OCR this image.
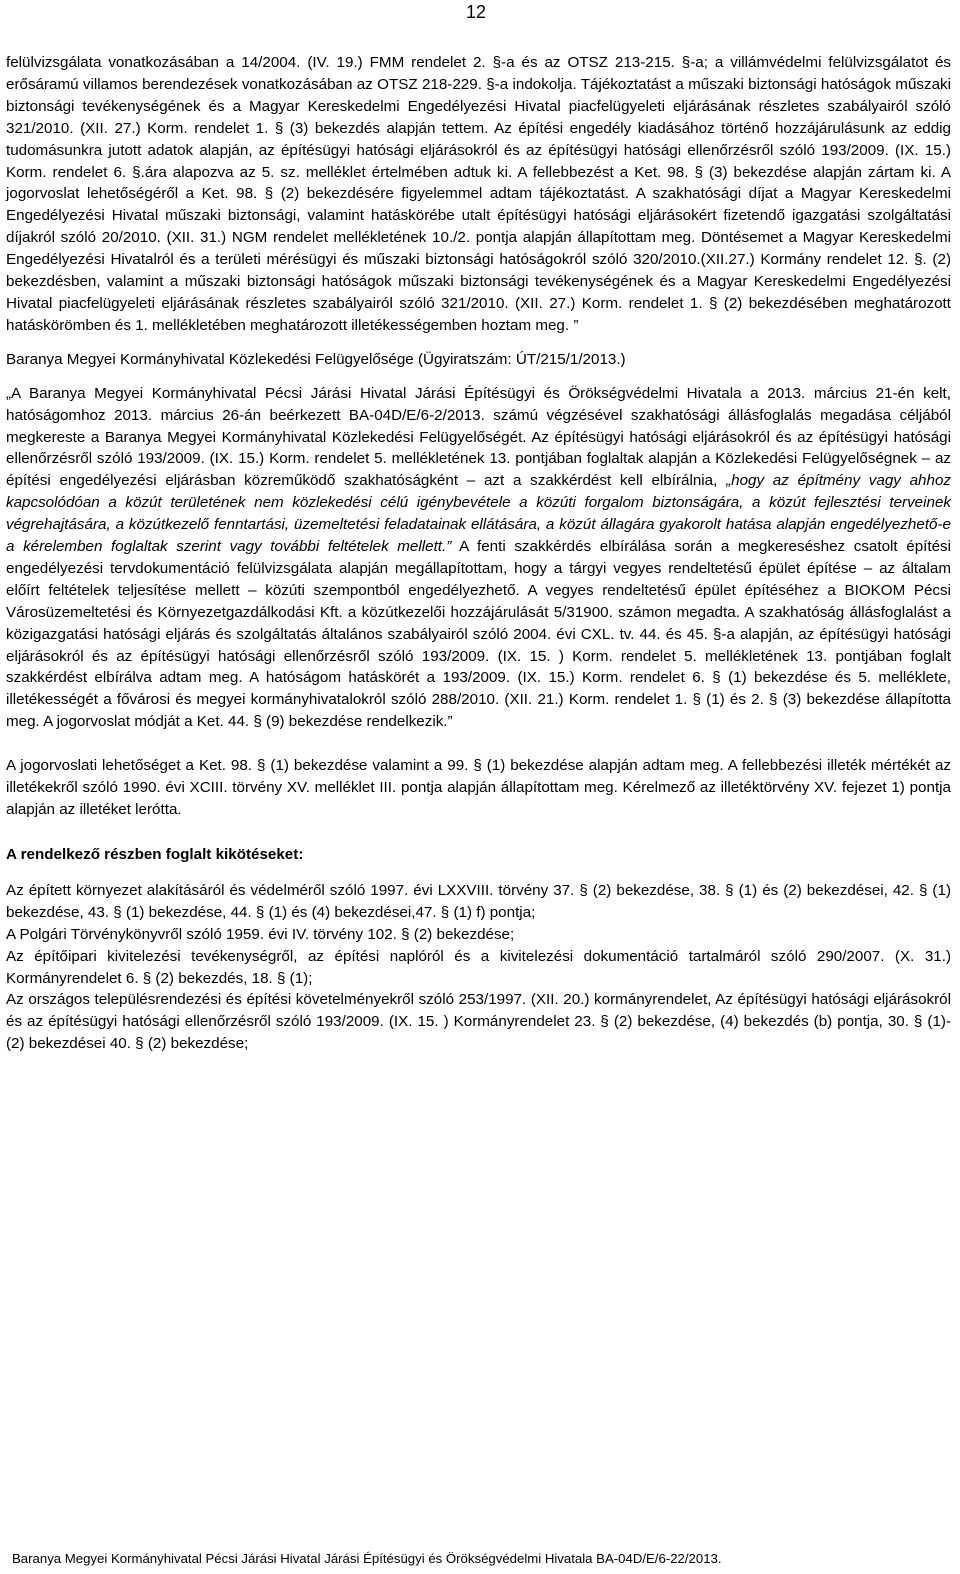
12

felülvizsgálata vonatkozásában a 14/2004. (IV. 19.) FMM rendelet 2. §-a és az OTSZ 213-215. §-a; a villámvédelmi felülvizsgálatot és erősáramú villamos berendezések vonatkozásában az OTSZ 218-229. §-a indokolja. Tájékoztatást a műszaki biztonsági hatóságok műszaki biztonsági tevékenységének és a Magyar Kereskedelmi Engedélyezési Hivatal piacfelügyeleti eljárásának részletes szabályairól szóló 321/2010. (XII. 27.) Korm. rendelet 1. § (3) bekezdés alapján tettem. Az építési engedély kiadásához történő hozzájárulásunk az eddig tudomásunkra jutott adatok alapján, az építésügyi hatósági eljárásokról és az építésügyi hatósági ellenőrzésről szóló 193/2009. (IX. 15.) Korm. rendelet 6. §.ára alapozva az 5. sz. melléklet értelmében adtuk ki. A fellebbezést a Ket. 98. § (3) bekezdése alapján zártam ki. A jogorvoslat lehetőségéről a Ket. 98. § (2) bekezdésére figyelemmel adtam tájékoztatást. A szakhatósági díjat a Magyar Kereskedelmi Engedélyezési Hivatal műszaki biztonsági, valamint hatáskörébe utalt építésügyi hatósági eljárásokért fizetendő igazgatási szolgáltatási díjakról szóló 20/2010. (XII. 31.) NGM rendelet mellékletének 10./2. pontja alapján állapítottam meg. Döntésemet a Magyar Kereskedelmi Engedélyezési Hivatalról és a területi mérésügyi és műszaki biztonsági hatóságokról szóló 320/2010.(XII.27.) Kormány rendelet 12. §. (2) bekezdésben, valamint a műszaki biztonsági hatóságok műszaki biztonsági tevékenységének és a Magyar Kereskedelmi Engedélyezési Hivatal piacfelügyeleti eljárásának részletes szabályairól szóló 321/2010. (XII. 27.) Korm. rendelet 1. § (2) bekezdésében meghatározott hatáskörömben és 1. mellékletében meghatározott illetékességemben hoztam meg. ”

Baranya Megyei Kormányhivatal Közlekedési Felügyelősége (Ügyiratszám: ÚT/215/1/2013.)

„A Baranya Megyei Kormányhivatal Pécsi Járási Hivatal Járási Építésügyi és Örökségvédelmi Hivatala a 2013. március 21-én kelt, hatóságomhoz 2013. március 26-án beérkezett BA-04D/E/6-2/2013. számú végzésével szakhatósági állásfoglalás megadása céljából megkereste a Baranya Megyei Kormányhivatal Közlekedési Felügyelőségét. Az építésügyi hatósági eljárásokról és az építésügyi hatósági ellenőrzésről szóló 193/2009. (IX. 15.) Korm. rendelet 5. mellékletének 13. pontjában foglaltak alapján a Közlekedési Felügyelőségnek – az építési engedélyezési eljárásban közreműködő szakhatóságként – azt a szakkérdést kell elbírálnia, „hogy az építmény vagy ahhoz kapcsolódóan a közút területének nem közlekedési célú igénybevétele a közúti forgalom biztonságára, a közút fejlesztési terveinek végrehajtására, a közútkezelő fenntartási, üzemeltetési feladatainak ellátására, a közút állagára gyakorolt hatása alapján engedélyezhető-e a kérelemben foglaltak szerint vagy további feltételek mellett.” A fenti szakkérdés elbírálása során a megkereséshez csatolt építési engedélyezési tervdokumentáció felülvizsgálata alapján megállapítottam, hogy a tárgyi vegyes rendeltetésű épület építése – az általam előírt feltételek teljesítése mellett – közúti szempontból engedélyezhető. A vegyes rendeltetésű épület építéséhez a BIOKOM Pécsi Városüzemeltetési és Környezetgazdálkodási Kft. a közútkezelői hozzájárulását 5/31900. számon megadta. A szakhatóság állásfoglalást a közigazgatási hatósági eljárás és szolgáltatás általános szabályairól szóló 2004. évi CXL. tv. 44. és 45. §-a alapján, az építésügyi hatósági eljárásokról és az építésügyi hatósági ellenőrzésről szóló 193/2009. (IX. 15. ) Korm. rendelet 5. mellékletének 13. pontjában foglalt szakkérdést elbírálva adtam meg. A hatóságom hatáskörét a 193/2009. (IX. 15.) Korm. rendelet 6. § (1) bekezdése és 5. melléklete, illetékességét a fővárosi és megyei kormányhivatalokról szóló 288/2010. (XII. 21.) Korm. rendelet 1. § (1) és 2. § (3) bekezdése állapította meg. A jogorvoslat módját a Ket. 44. § (9) bekezdése rendelkezik.”

A jogorvoslati lehetőséget a Ket. 98. § (1) bekezdése valamint a 99. § (1) bekezdése alapján adtam meg. A fellebbezési illeték mértékét az illetékekről szóló 1990. évi XCIII. törvény XV. melléklet III. pontja alapján állapítottam meg. Kérelmező az illetéktörvény XV. fejezet 1) pontja alapján az illetéket lerótta.

A rendelkező részben foglalt kikötéseket:

Az épített környezet alakításáról és védelméről szóló 1997. évi LXXVIII. törvény 37. § (2) bekezdése, 38. § (1) és (2) bekezdései, 42. § (1) bekezdése, 43. § (1) bekezdése, 44. § (1) és (4) bekezdései,47. § (1) f) pontja;

A Polgári Törvénykönyvről szóló 1959. évi IV. törvény 102. § (2) bekezdése;

Az építőipari kivitelezési tevékenységről, az építési naplóról és a kivitelezési dokumentáció tartalmáról szóló 290/2007. (X. 31.) Kormányrendelet 6. § (2) bekezdés, 18. § (1);

Az országos településrendezési és építési követelményekről szóló 253/1997. (XII. 20.) kormányrendelet, Az építésügyi hatósági eljárásokról és az építésügyi hatósági ellenőrzésről szóló 193/2009. (IX. 15. ) Kormányrendelet 23. § (2) bekezdése, (4) bekezdés (b) pontja, 30. § (1)-(2) bekezdései 40. § (2) bekezdése;

Baranya Megyei Kormányhivatal Pécsi Járási Hivatal Járási Építésügyi és Örökségvédelmi Hivatala BA-04D/E/6-22/2013.
